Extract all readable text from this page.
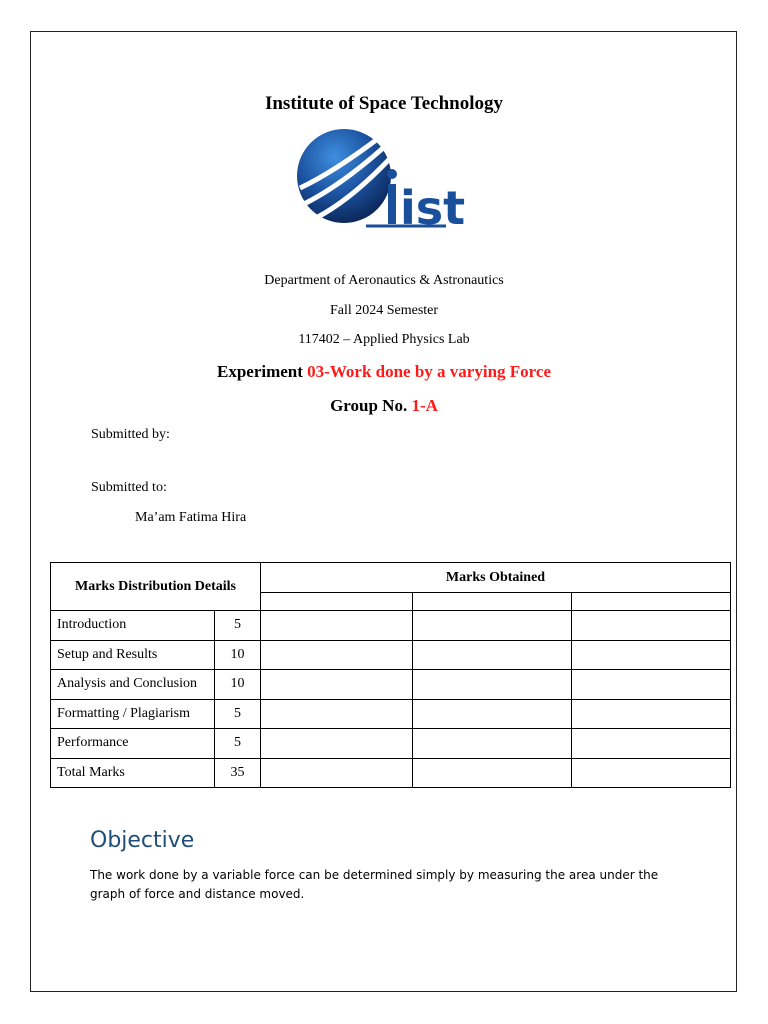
Institute of Space Technology
ist
Department of Aeronautics & Astronautics
Fall 2024 Semester
117402 – Applied Physics Lab
Experiment 03-Work done by a varying Force
Group No. 1-A
Submitted by:
Submitted to:
Ma’am Fatima Hira
Marks Distribution Details		Marks Obtained		

Introduction	5			
Setup and Results	10			
Analysis and Conclusion	10			
Formatting / Plagiarism	5			
Performance	5			
Total Marks	35			
Objective
The work done by a variable force can be determined simply by measuring the area under the graph of force and distance moved.
